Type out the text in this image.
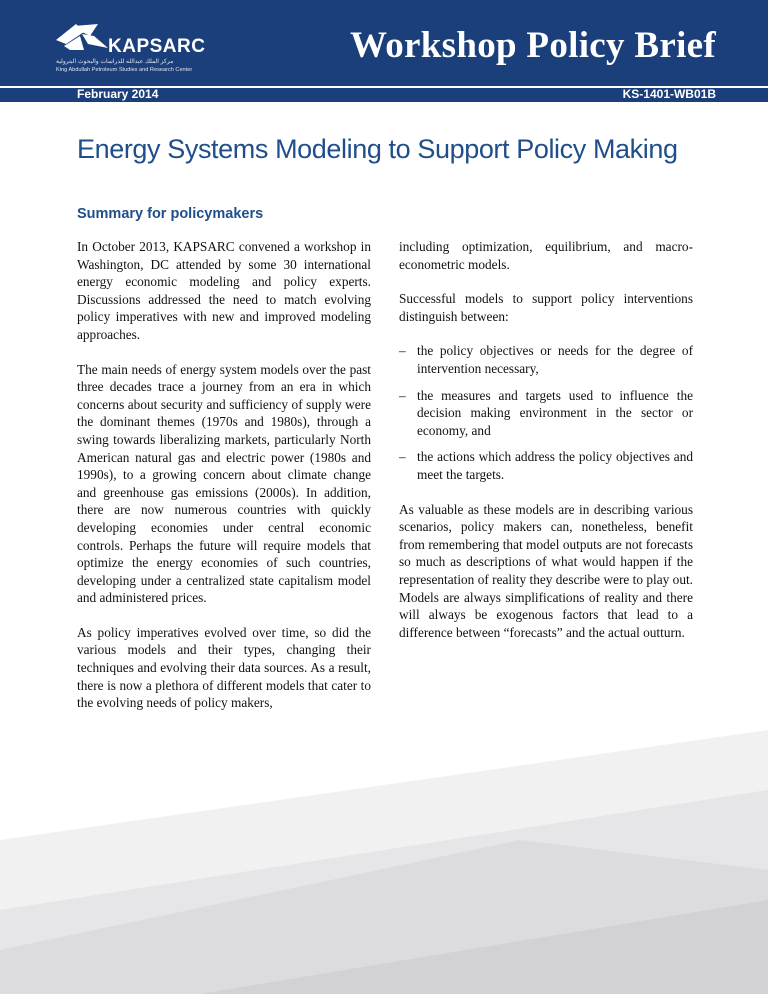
KAPSARC
مركز الملك عبدالله للدراسات والبحوث البترولية
King Abdullah Petroleum Studies and Research Center
Workshop Policy Brief
February 2014	KS-1401-WB01B
Energy Systems Modeling to Support Policy Making
Summary for policymakers

In October 2013, KAPSARC convened a workshop in Washington, DC attended by some 30 international energy economic modeling and policy experts. Discussions addressed the need to match evolving policy imperatives with new and improved modeling approaches.

The main needs of energy system models over the past three decades trace a journey from an era in which concerns about security and sufficiency of supply were the dominant themes (1970s and 1980s), through a swing towards liberalizing markets, particularly North American natural gas and electric power (1980s and 1990s), to a growing concern about climate change and greenhouse gas emissions (2000s). In addition, there are now numerous countries with quickly developing economies under central economic controls. Perhaps the future will require models that optimize the energy economies of such countries, developing under a centralized state capitalism model and administered prices.

As policy imperatives evolved over time, so did the various models and their types, changing their techniques and evolving their data sources. As a result, there is now a plethora of different models that cater to the evolving needs of policy makers,

including optimization, equilibrium, and macro-econometric models.

Successful models to support policy interventions distinguish between:

– the policy objectives or needs for the degree of intervention necessary,
– the measures and targets used to influence the decision making environment in the sector or economy, and
– the actions which address the policy objectives and meet the targets.

As valuable as these models are in describing various scenarios, policy makers can, nonetheless, benefit from remembering that model outputs are not forecasts so much as descriptions of what would happen if the representation of reality they describe were to play out. Models are always simplifications of reality and there will always be exogenous factors that lead to a difference between “forecasts” and the actual outturn.
